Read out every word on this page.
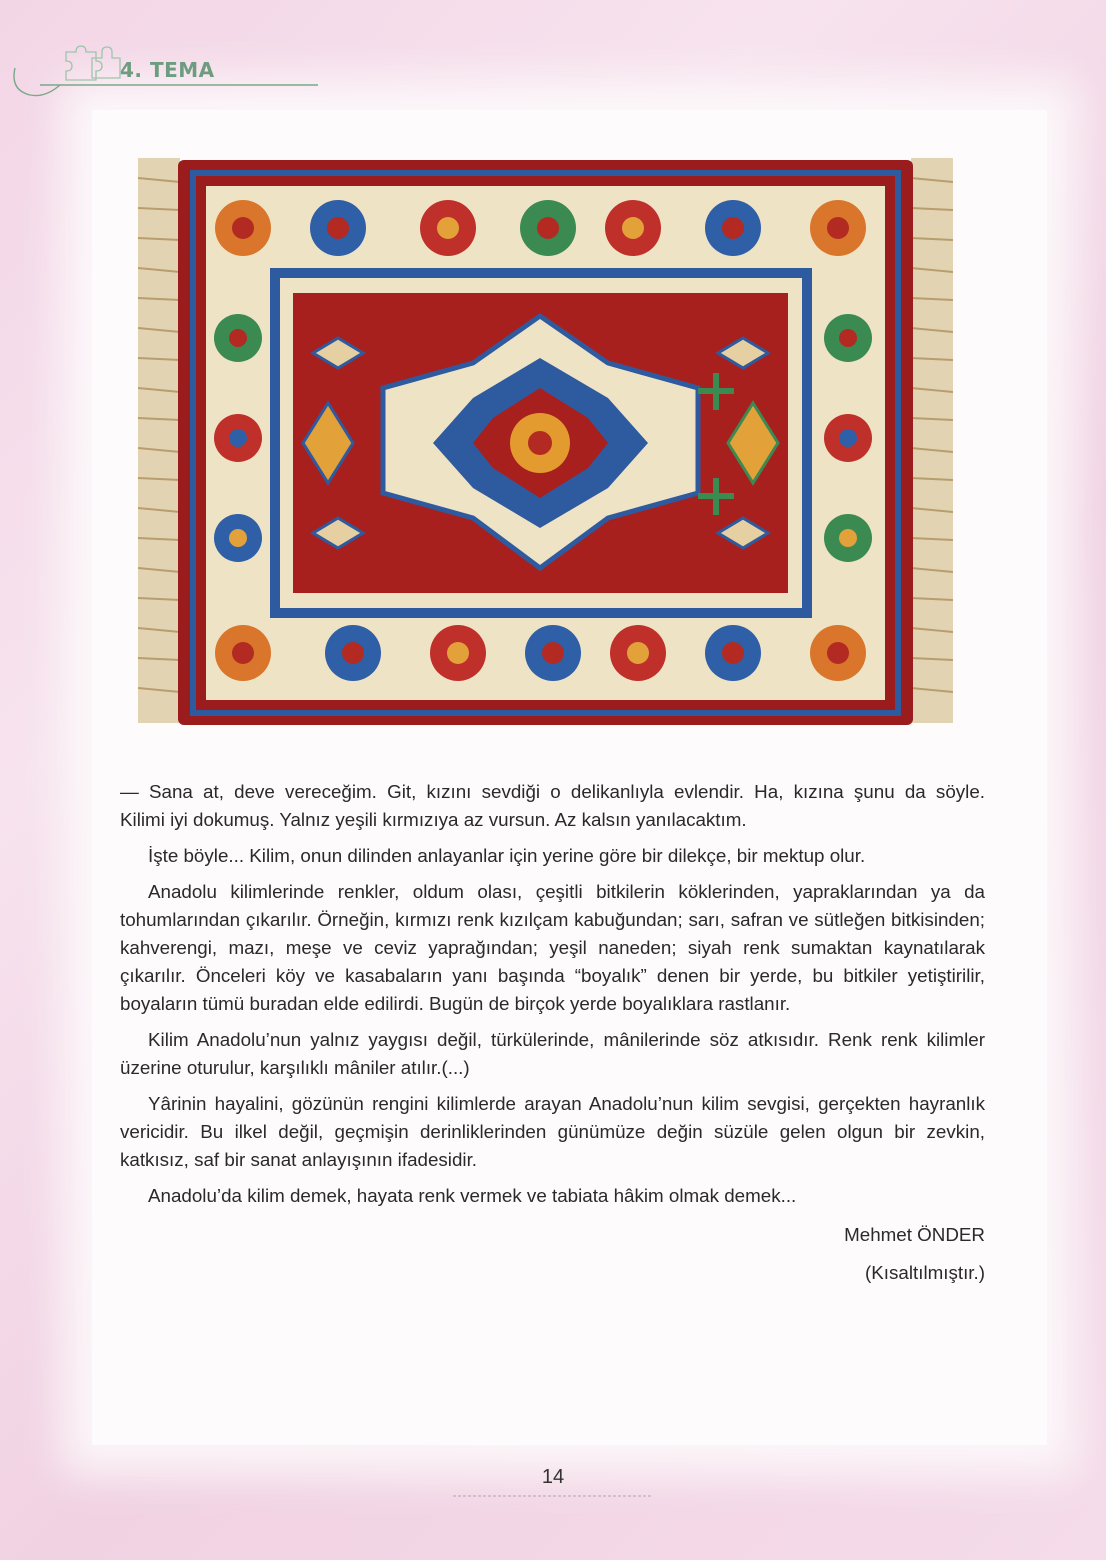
4. TEMA

— Sana at, deve vereceğim. Git, kızını sevdiği o delikanlıyla evlendir. Ha, kızına şunu da söyle.

Kilimi iyi dokumuş. Yalnız yeşili kırmızıya az vursun. Az kalsın yanılacaktım.

İşte böyle... Kilim, onun dilinden anlayanlar için yerine göre bir dilekçe, bir mektup olur.

Anadolu kilimlerinde renkler, oldum olası, çeşitli bitkilerin köklerinden, yapraklarından ya da tohumlarından çıkarılır. Örneğin, kırmızı renk kızılçam kabuğundan; sarı, safran ve sütleğen bitkisinden; kahverengi, mazı, meşe ve ceviz yaprağından; yeşil naneden; siyah renk sumaktan kaynatılarak çıkarılır. Önceleri köy ve kasabaların yanı başında “boyalık” denen bir yerde, bu bitkiler yetiştirilir, boyaların tümü buradan elde edilirdi. Bugün de birçok yerde boyalıklara rastlanır.

Kilim Anadolu’nun yalnız yaygısı değil, türkülerinde, mânilerinde söz atkısıdır. Renk renk kilimler üzerine oturulur, karşılıklı mâniler atılır.(...)

Yârinin hayalini, gözünün rengini kilimlerde arayan Anadolu’nun kilim sevgisi, gerçekten hayranlık vericidir. Bu ilkel değil, geçmişin derinliklerinden günümüze değin süzüle gelen olgun bir zevkin, katkısız, saf bir sanat anlayışının ifadesidir.

Anadolu’da kilim demek, hayata renk vermek ve tabiata hâkim olmak demek...

Mehmet ÖNDER
(Kısaltılmıştır.)
14
